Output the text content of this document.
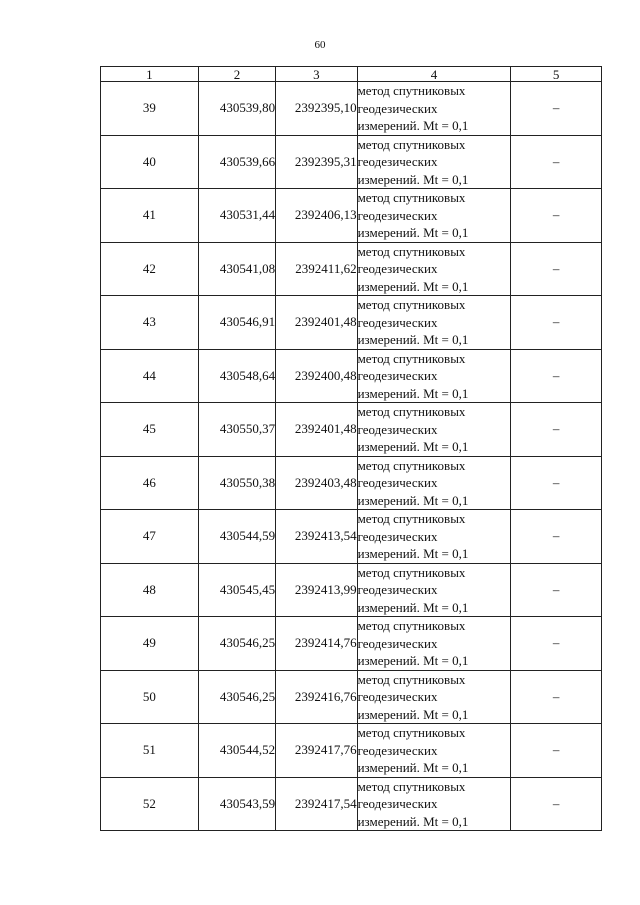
60
1	2	3	4	5
39	430539,80	2392395,10	метод спутниковых
геодезических
измерений. Mt = 0,1	–
40	430539,66	2392395,31	метод спутниковых
геодезических
измерений. Mt = 0,1	–
41	430531,44	2392406,13	метод спутниковых
геодезических
измерений. Mt = 0,1	–
42	430541,08	2392411,62	метод спутниковых
геодезических
измерений. Mt = 0,1	–
43	430546,91	2392401,48	метод спутниковых
геодезических
измерений. Mt = 0,1	–
44	430548,64	2392400,48	метод спутниковых
геодезических
измерений. Mt = 0,1	–
45	430550,37	2392401,48	метод спутниковых
геодезических
измерений. Mt = 0,1	–
46	430550,38	2392403,48	метод спутниковых
геодезических
измерений. Mt = 0,1	–
47	430544,59	2392413,54	метод спутниковых
геодезических
измерений. Mt = 0,1	–
48	430545,45	2392413,99	метод спутниковых
геодезических
измерений. Mt = 0,1	–
49	430546,25	2392414,76	метод спутниковых
геодезических
измерений. Mt = 0,1	–
50	430546,25	2392416,76	метод спутниковых
геодезических
измерений. Mt = 0,1	–
51	430544,52	2392417,76	метод спутниковых
геодезических
измерений. Mt = 0,1	–
52	430543,59	2392417,54	метод спутниковых
геодезических
измерений. Mt = 0,1	–
